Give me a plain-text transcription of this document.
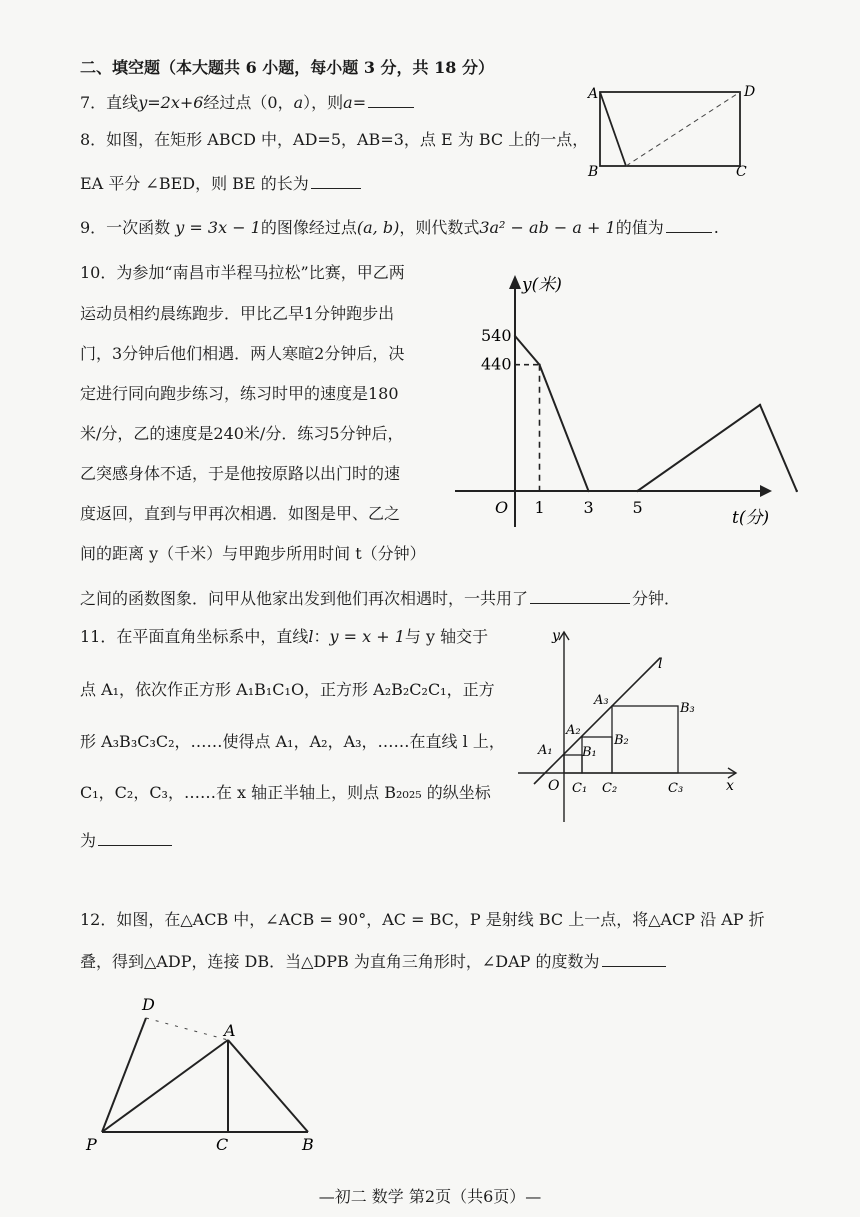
二、填空题（本大题共 6 小题，每小题 3 分，共 18 分）
7．直线y=2x+6经过点（0，a），则a=
8．如图，在矩形 ABCD 中，AD=5，AB=3，点 E 为 BC 上的一点，
EA 平分 ∠BED，则 BE 的长为
A	D
B	C
9．一次函数 y = 3x − 1的图像经过点(a, b)，则代数式3a² − ab − a + 1的值为	.
10．为参加“南昌市半程马拉松”比赛，甲乙两
运动员相约晨练跑步．甲比乙早1分钟跑步出
门，3分钟后他们相遇．两人寒暄2分钟后，决
定进行同向跑步练习，练习时甲的速度是180
米/分，乙的速度是240米/分．练习5分钟后，
乙突感身体不适，于是他按原路以出门时的速
度返回，直到与甲再次相遇．如图是甲、乙之
间的距离 y（千米）与甲跑步所用时间 t（分钟）
之间的函数图象．问甲从他家出发到他们再次相遇时，一共用了	分钟．
y(米)
t(分)
O 1 3 5
540
440
11．在平面直角坐标系中，直线l：y = x + 1与 y 轴交于
点 A₁，依次作正方形 A₁B₁C₁O，正方形 A₂B₂C₂C₁，正方
形 A₃B₃C₃C₂，……使得点 A₁，A₂，A₃，……在直线 l 上，
C₁，C₂，C₃，……在 x 轴正半轴上，则点 B₂₀₂₅ 的纵坐标
为
y
x
l
O
A₁
A₂
A₃
B₁
B₂
B₃
C₁ C₂	C₃
12．如图，在△ACB 中，∠ACB = 90°，AC = BC，P 是射线 BC 上一点，将△ACP 沿 AP 折
叠，得到△ADP，连接 DB．当△DPB 为直角三角形时，∠DAP 的度数为
D
A
P	C	B
—初二 数学 第2页（共6页）—
